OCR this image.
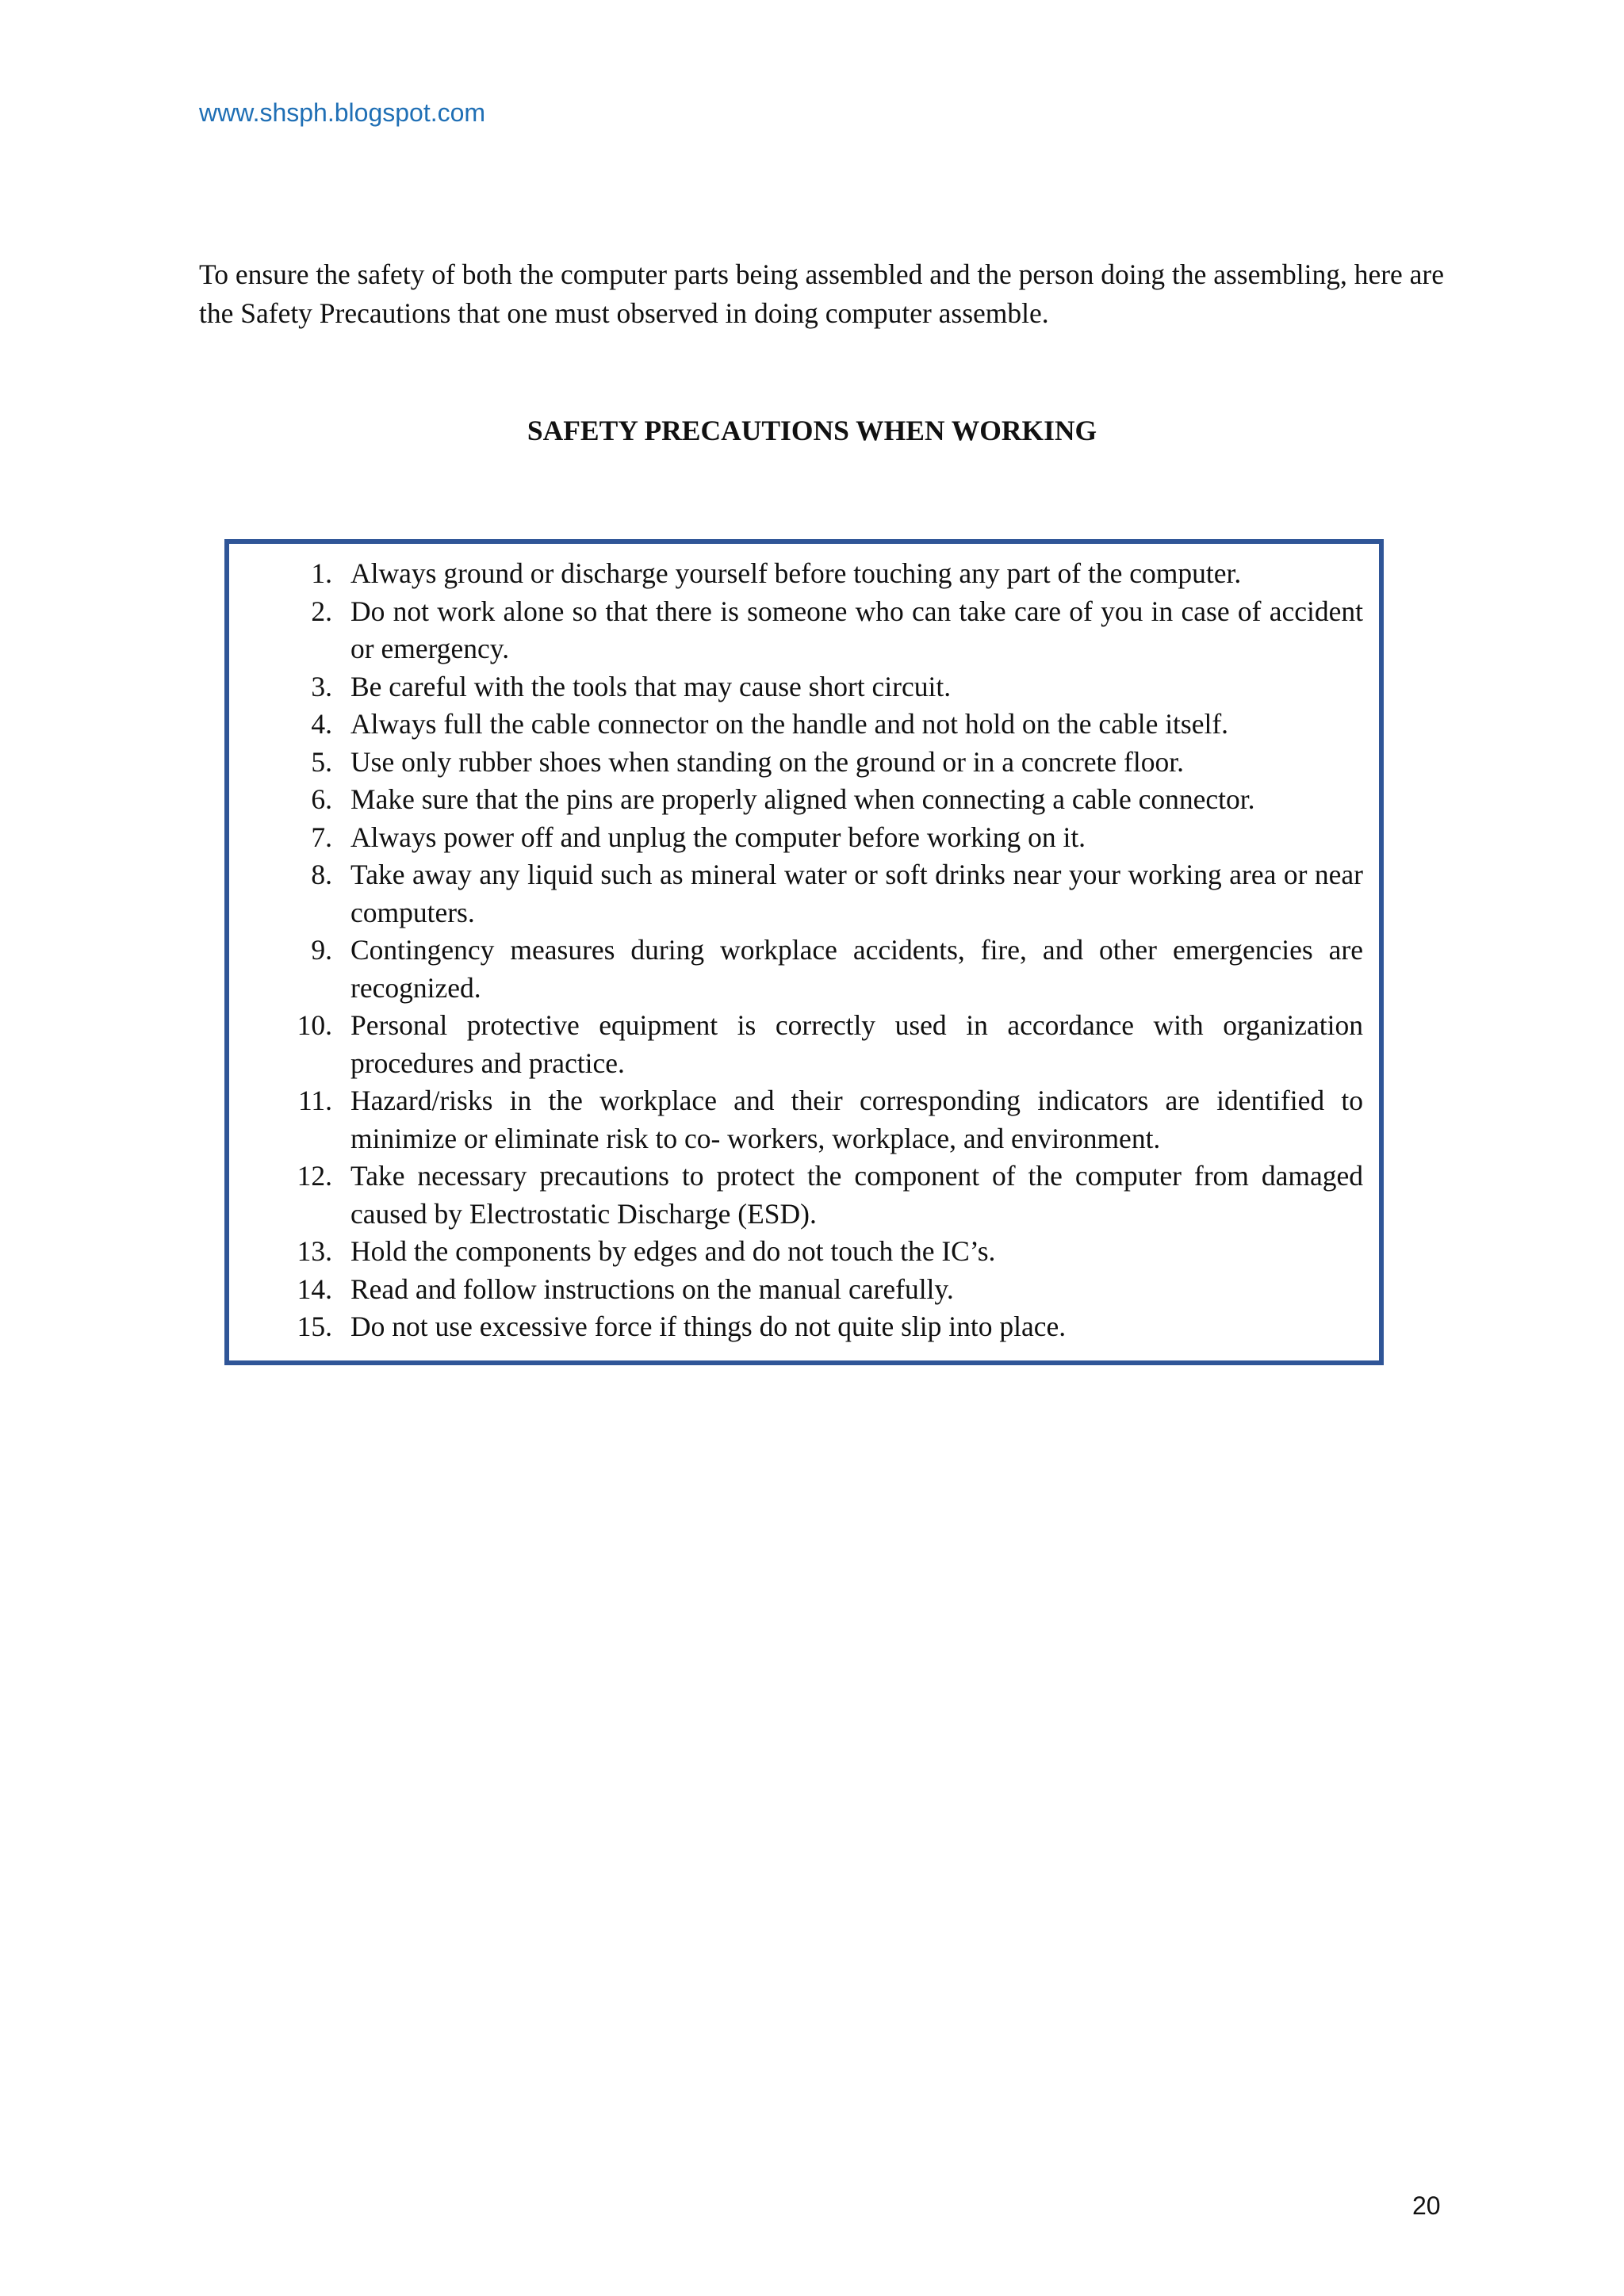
www.shsph.blogspot.com

To ensure the safety of both the computer parts being assembled and the person doing the assembling, here are the Safety Precautions that one must observed in doing computer assemble.

SAFETY PRECAUTIONS WHEN WORKING
1. Always ground or discharge yourself before touching any part of the computer.
2. Do not work alone so that there is someone who can take care of you in case of accident or emergency.
3. Be careful with the tools that may cause short circuit.
4. Always full the cable connector on the handle and not hold on the cable itself.
5. Use only rubber shoes when standing on the ground or in a concrete floor.
6. Make sure that the pins are properly aligned when connecting a cable connector.
7. Always power off and unplug the computer before working on it.
8. Take away any liquid such as mineral water or soft drinks near your working area or near computers.
9. Contingency measures during workplace accidents, fire, and other emergencies are recognized.
10. Personal protective equipment is correctly used in accordance with organization procedures and practice.
11. Hazard/risks in the workplace and their corresponding indicators are identified to minimize or eliminate risk to co- workers, workplace, and environment.
12. Take necessary precautions to protect the component of the computer from damaged caused by Electrostatic Discharge (ESD).
13. Hold the components by edges and do not touch the IC’s.
14. Read and follow instructions on the manual carefully.
15. Do not use excessive force if things do not quite slip into place.
20
